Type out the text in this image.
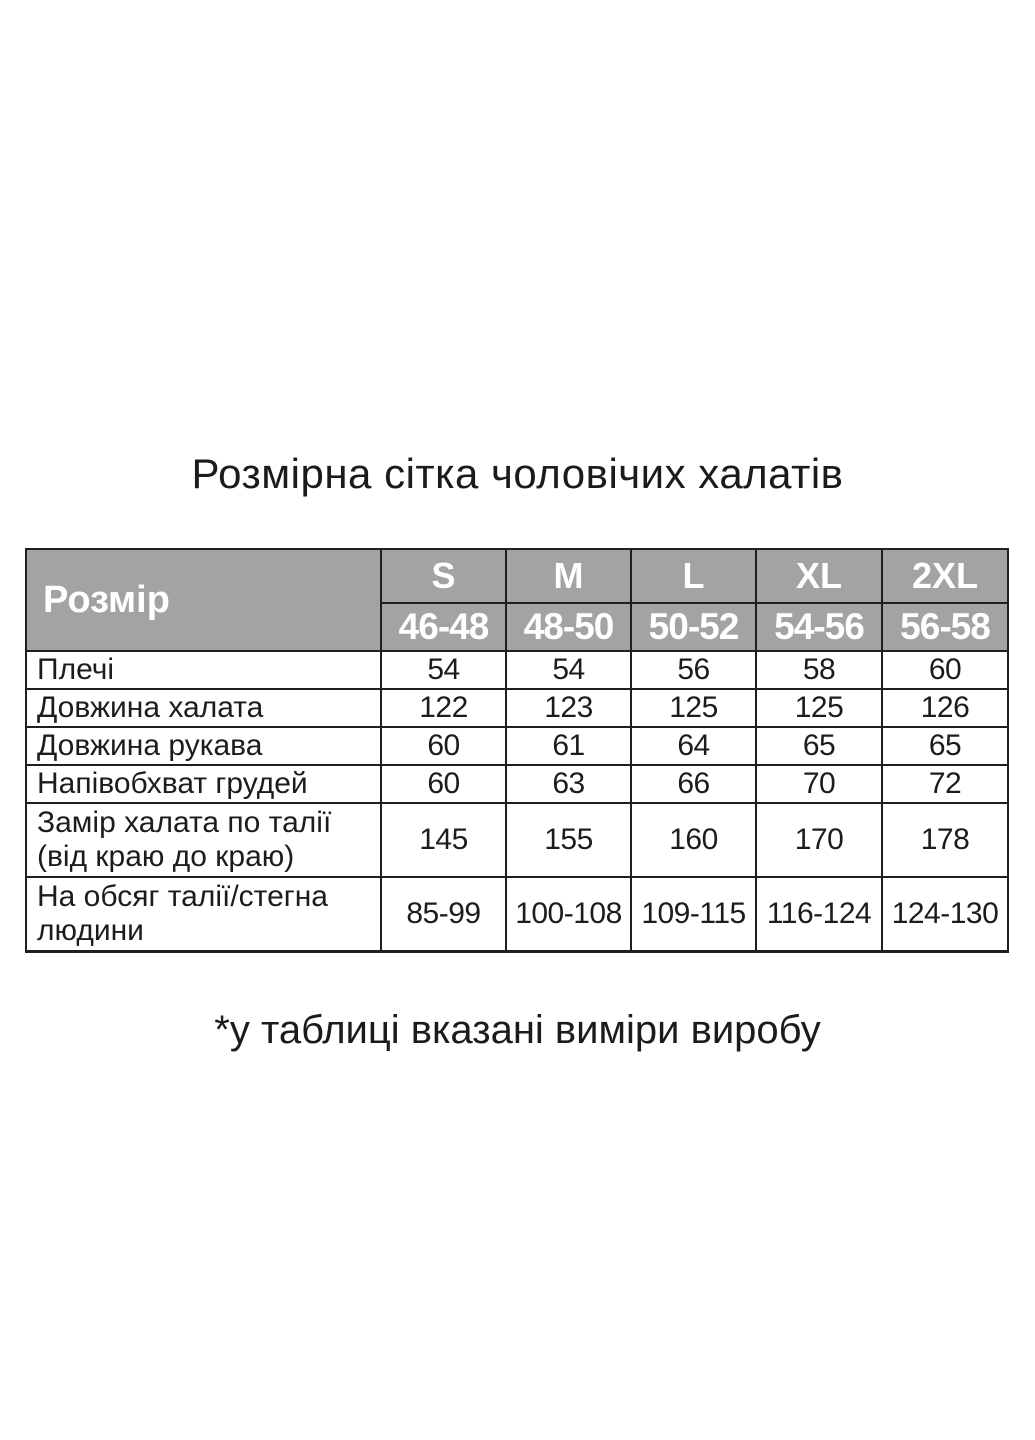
Розмірна сітка чоловічих халатів
Розмір	S	M	L	XL	2XL
	46-48	48-50	50-52	54-56	56-58
Плечі	54	54	56	58	60
Довжина халата	122	123	125	125	126
Довжина рукава	60	61	64	65	65
Напівобхват грудей	60	63	66	70	72
Замір халата по талії (від краю до краю)	145	155	160	170	178
На обсяг талії/стегна людини	85-99	100-108	109-115	116-124	124-130
*у таблиці вказані виміри виробу
